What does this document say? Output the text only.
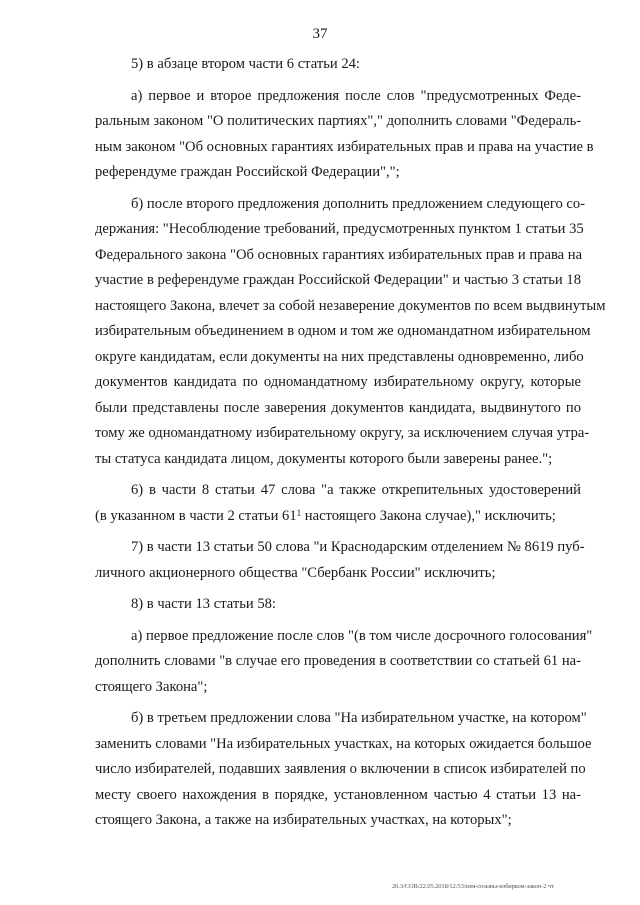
37
5) в абзаце втором части 6 статьи 24:
а) первое и второе предложения после слов "предусмотренных Феде-
ральным законом "О политических партиях"," дополнить словами "Федераль-
ным законом "Об основных гарантиях избирательных прав и права на участие в
референдуме граждан Российской Федерации",";
б) после второго предложения дополнить предложением следующего со-
держания: "Несоблюдение требований, предусмотренных пунктом 1 статьи 35
Федерального закона "Об основных гарантиях избирательных прав и права на
участие в референдуме граждан Российской Федерации" и частью 3 статьи 18
настоящего Закона, влечет за собой незаверение документов по всем выдвинутым
избирательным объединением в одном и том же одномандатном избирательном
округе кандидатам, если документы на них представлены одновременно, либо
документов кандидата по одномандатному избирательному округу, которые
были представлены после заверения документов кандидата, выдвинутого по
тому же одномандатному избирательному округу, за исключением случая утра-
ты статуса кандидата лицом, документы которого были заверены ранее.";
6) в части 8 статьи 47 слова "а также открепительных удостоверений
(в указанном в части 2 статьи $61^1$ настоящего Закона случае)," исключить;
7) в части 13 статьи 50 слова "и Краснодарским отделением № 8619 пуб-
личного акционерного общества "Сбербанк России" исключить;
8) в части 13 статьи 58:
а) первое предложение после слов "(в том числе досрочного голосования"
дополнить словами "в случае его проведения в соответствии со статьей 61 на-
стоящего Закона";
б) в третьем предложении слова "На избирательном участке, на котором"
заменить словами "На избирательных участках, на которых ожидается большое
число избирателей, подавших заявления о включении в список избирателей по
месту своего нахождения в порядке, установленном частью 4 статьи 13 на-
стоящего Закона, а также на избирательных участках, на которых";
20.3/СОВ/22.05.2018/12:53/изм-созывы-избирком-закон-2 чт
